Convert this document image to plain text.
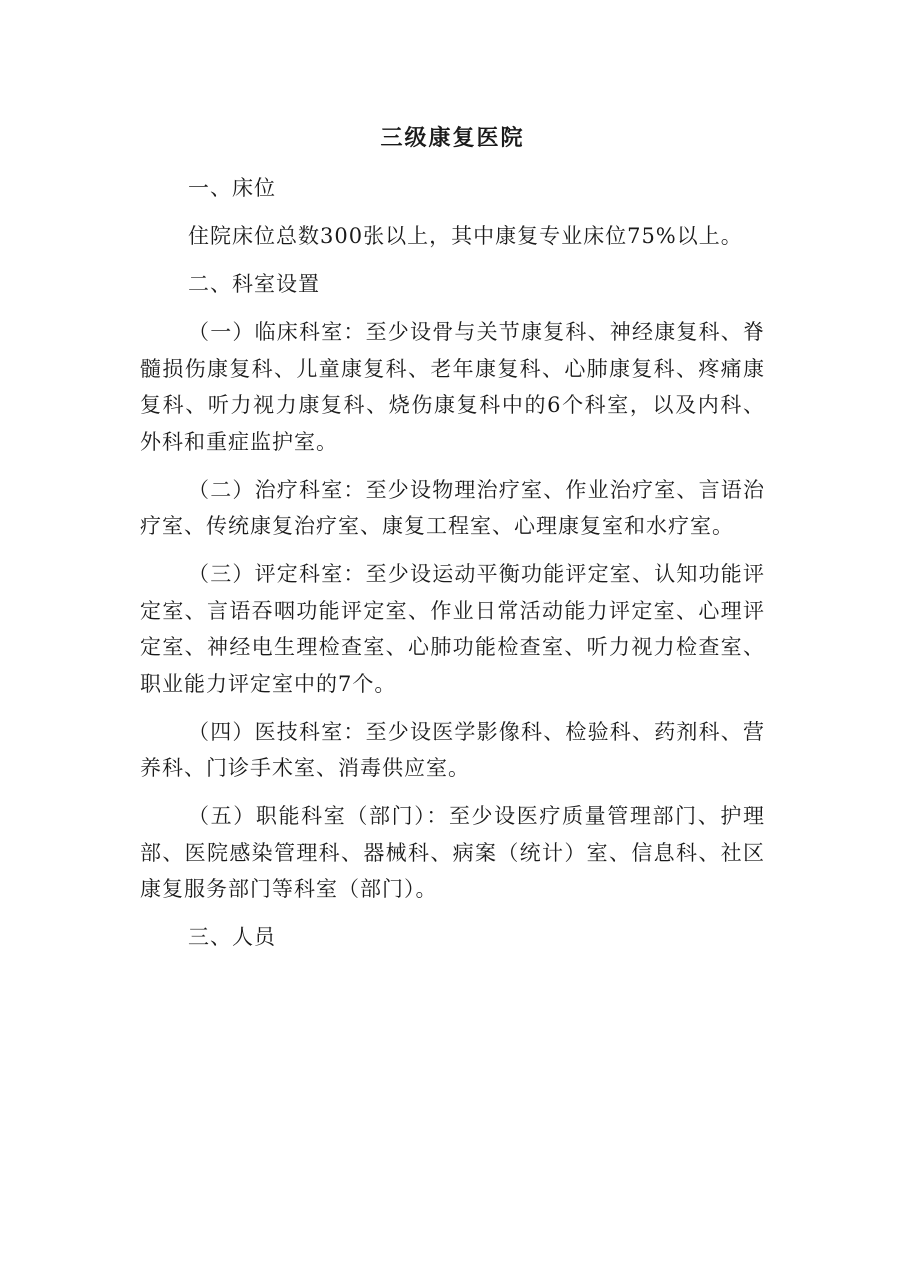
三级康复医院

一、床位

住院床位总数300张以上，其中康复专业床位75%以上。

二、科室设置

（一）临床科室：至少设骨与关节康复科、神经康复科、脊髓损伤康复科、儿童康复科、老年康复科、心肺康复科、疼痛康复科、听力视力康复科、烧伤康复科中的6个科室，以及内科、外科和重症监护室。

（二）治疗科室：至少设物理治疗室、作业治疗室、言语治疗室、传统康复治疗室、康复工程室、心理康复室和水疗室。

（三）评定科室：至少设运动平衡功能评定室、认知功能评定室、言语吞咽功能评定室、作业日常活动能力评定室、心理评定室、神经电生理检查室、心肺功能检查室、听力视力检查室、职业能力评定室中的7个。

（四）医技科室：至少设医学影像科、检验科、药剂科、营养科、门诊手术室、消毒供应室。

（五）职能科室（部门）：至少设医疗质量管理部门、护理部、医院感染管理科、器械科、病案（统计）室、信息科、社区康复服务部门等科室（部门）。

三、人员
